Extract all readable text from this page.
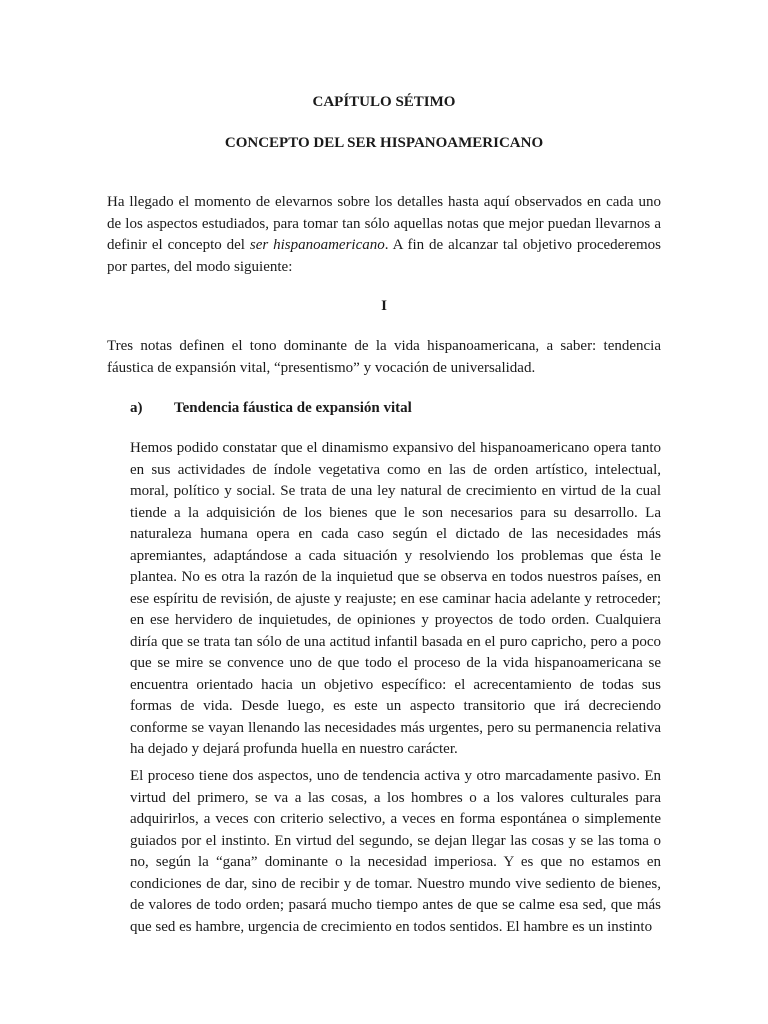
CAPÍTULO SÉTIMO
CONCEPTO DEL SER HISPANOAMERICANO

Ha llegado el momento de elevarnos sobre los detalles hasta aquí observados en cada uno de los aspectos estudiados, para tomar tan sólo aquellas notas que mejor puedan llevarnos a definir el concepto del ser hispanoamericano. A fin de alcanzar tal objetivo procederemos por partes, del modo siguiente:

I

Tres notas definen el tono dominante de la vida hispanoamericana, a saber: tendencia fáustica de expansión vital, “presentismo” y vocación de universalidad.

a) Tendencia fáustica de expansión vital

Hemos podido constatar que el dinamismo expansivo del hispanoamericano opera tanto en sus actividades de índole vegetativa como en las de orden artístico, intelectual, moral, político y social. Se trata de una ley natural de crecimiento en virtud de la cual tiende a la adquisición de los bienes que le son necesarios para su desarrollo. La naturaleza humana opera en cada caso según el dictado de las necesidades más apremiantes, adaptándose a cada situación y resolviendo los problemas que ésta le plantea. No es otra la razón de la inquietud que se observa en todos nuestros países, en ese espíritu de revisión, de ajuste y reajuste; en ese caminar hacia adelante y retroceder; en ese hervidero de inquietudes, de opiniones y proyectos de todo orden. Cualquiera diría que se trata tan sólo de una actitud infantil basada en el puro capricho, pero a poco que se mire se convence uno de que todo el proceso de la vida hispanoamericana se encuentra orientado hacia un objetivo específico: el acrecentamiento de todas sus formas de vida. Desde luego, es este un aspecto transitorio que irá decreciendo conforme se vayan llenando las necesidades más urgentes, pero su permanencia relativa ha dejado y dejará profunda huella en nuestro carácter.

El proceso tiene dos aspectos, uno de tendencia activa y otro marcadamente pasivo. En virtud del primero, se va a las cosas, a los hombres o a los valores culturales para adquirirlos, a veces con criterio selectivo, a veces en forma espontánea o simplemente guiados por el instinto. En virtud del segundo, se dejan llegar las cosas y se las toma o no, según la “gana” dominante o la necesidad imperiosa. Y es que no estamos en condiciones de dar, sino de recibir y de tomar. Nuestro mundo vive sediento de bienes, de valores de todo orden; pasará mucho tiempo antes de que se calme esa sed, que más que sed es hambre, urgencia de crecimiento en todos sentidos. El hambre es un instinto
